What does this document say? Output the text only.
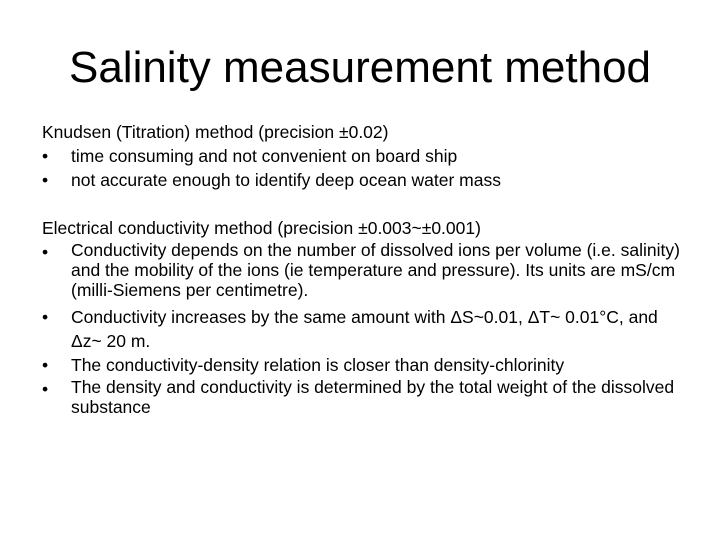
Salinity measurement method

Knudsen (Titration) method (precision ±0.02)

•	time consuming and not convenient on board ship
•	not accurate enough to identify deep ocean water mass

Electrical conductivity method (precision ±0.003~±0.001)

•	Conductivity depends on the number of dissolved ions per volume (i.e. salinity) and the mobility of the ions (ie temperature and pressure). Its units are mS/cm (milli-Siemens per centimetre).
•	Conductivity increases by the same amount with ΔS~0.01, ΔT~ 0.01°C, and Δz~ 20 m.
•	The conductivity-density relation is closer than density-chlorinity
•	The density and conductivity is determined by the total weight of the dissolved substance
